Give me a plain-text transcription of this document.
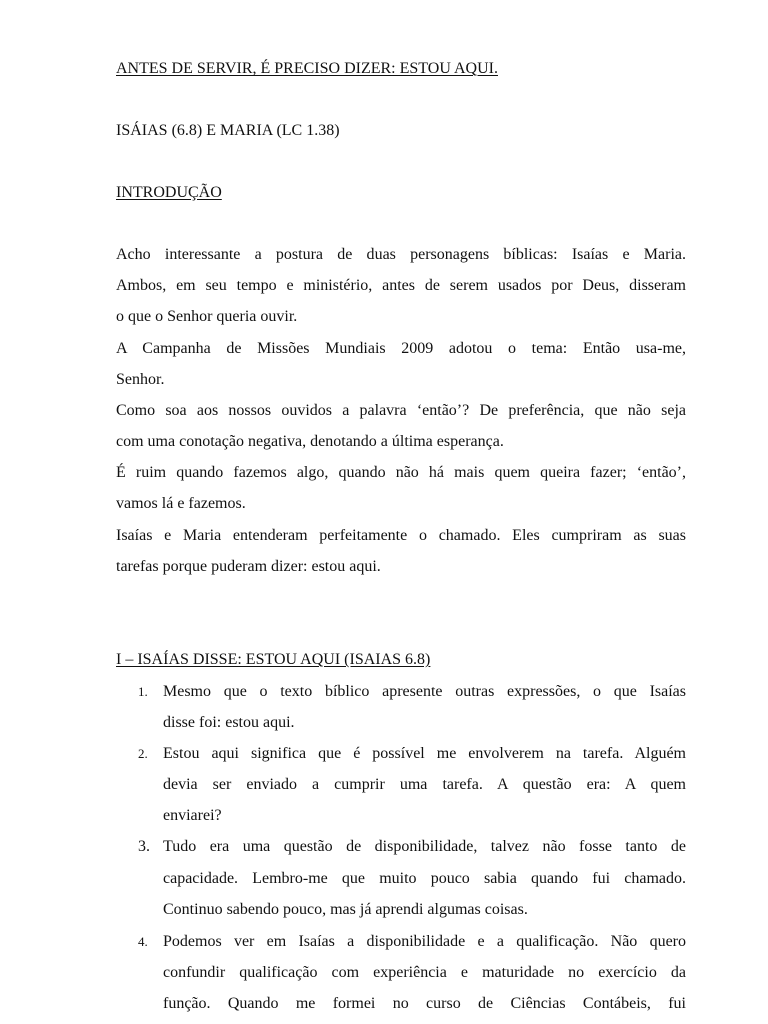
ANTES DE SERVIR, É PRECISO DIZER: ESTOU AQUI.
ISÁIAS (6.8) E MARIA (LC 1.38)
INTRODUÇÃO
Acho interessante a postura de duas personagens bíblicas: Isaías e Maria.
Ambos, em seu tempo e ministério, antes de serem usados por Deus, disseram
o que o Senhor queria ouvir.
A Campanha de Missões Mundiais 2009 adotou o tema: Então usa-me,
Senhor.
Como soa aos nossos ouvidos a palavra ‘então’? De preferência, que não seja
com uma conotação negativa, denotando a última esperança.
É ruim quando fazemos algo, quando não há mais quem queira fazer; ‘então’,
vamos lá e fazemos.
Isaías e Maria entenderam perfeitamente o chamado. Eles cumpriram as suas
tarefas porque puderam dizer: estou aqui.
I – ISAÍAS DISSE: ESTOU AQUI (ISAIAS 6.8)
1. Mesmo que o texto bíblico apresente outras expressões, o que Isaías
disse foi: estou aqui.
2. Estou aqui significa que é possível me envolverem na tarefa. Alguém
devia ser enviado a cumprir uma tarefa. A questão era: A quem
enviarei?
3. Tudo era uma questão de disponibilidade, talvez não fosse tanto de
capacidade. Lembro-me que muito pouco sabia quando fui chamado.
Continuo sabendo pouco, mas já aprendi algumas coisas.
4. Podemos ver em Isaías a disponibilidade e a qualificação. Não quero
confundir qualificação com experiência e maturidade no exercício da
função. Quando me formei no curso de Ciências Contábeis, fui
